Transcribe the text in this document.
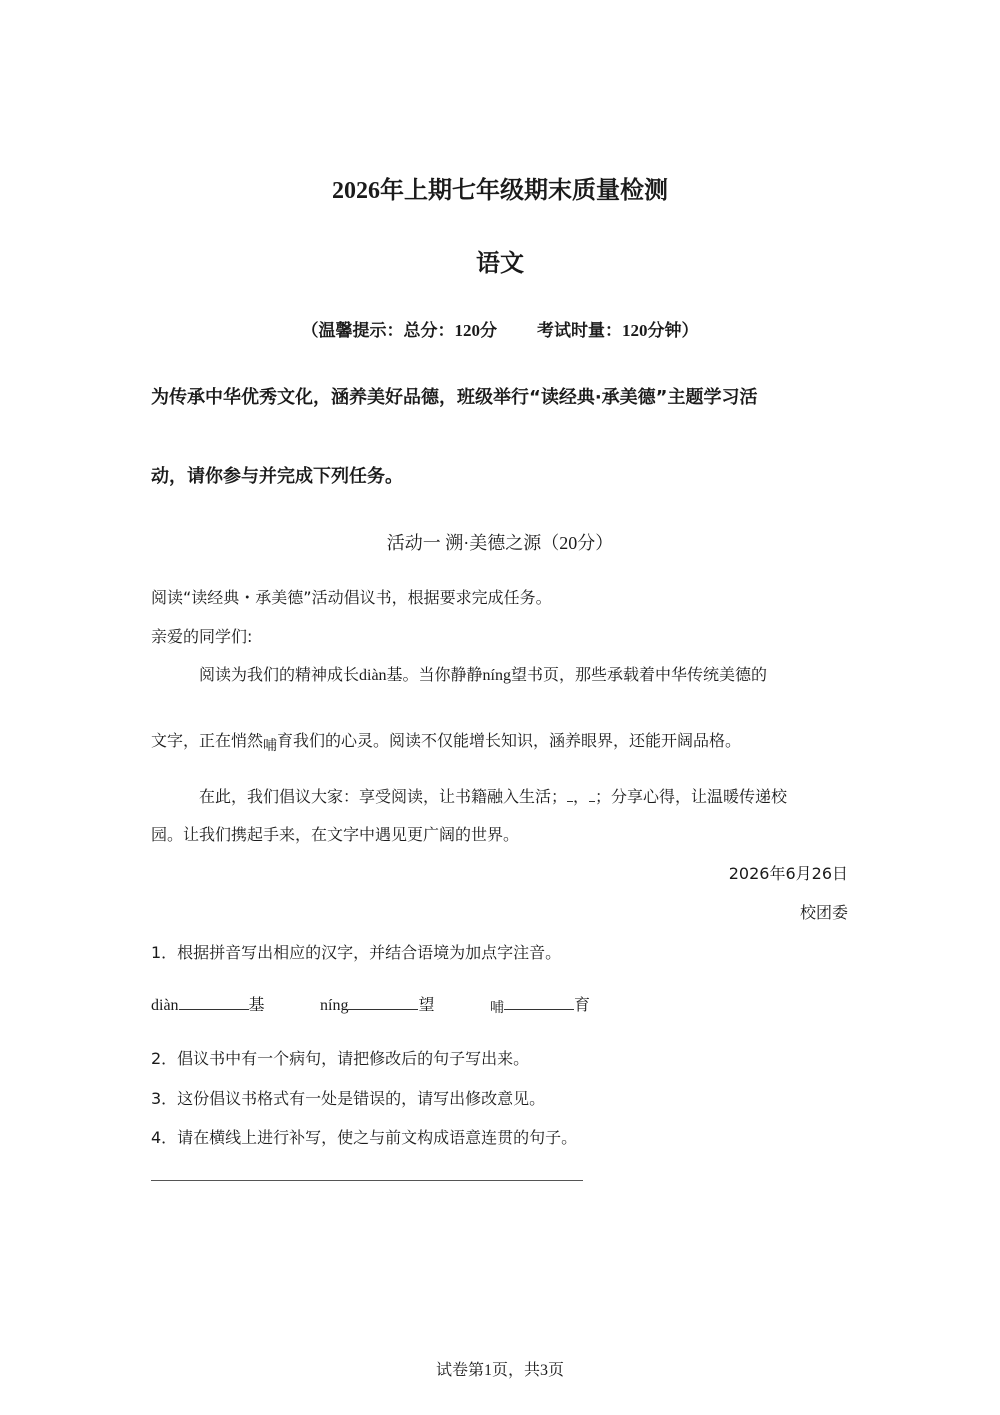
2026年上期七年级期末质量检测
语文
（温馨提示：总分：120分 考试时量：120分钟）
为传承中华优秀文化，涵养美好品德，班级举行“读经典·承美德”主题学习活
动，请你参与并完成下列任务。
活动一 溯·美德之源（20分）
阅读“读经典・承美德”活动倡议书，根据要求完成任务。
亲爱的同学们:
阅读为我们的精神成长diàn基。当你静静níng望书页，那些承载着中华传统美德的
文字，正在悄然哺育我们的心灵。阅读不仅能增长知识，涵养眼界，还能开阔品格。
在此，我们倡议大家：享受阅读，让书籍融入生活； ， ；分享心得，让温暖传递校
园。让我们携起手来，在文字中遇见更广阔的世界。
2026年6月26日
校团委
1．根据拼音写出相应的汉字，并结合语境为加点字注音。
diàn	基	níng	望	哺	育
2．倡议书中有一个病句，请把修改后的句子写出来。
3．这份倡议书格式有一处是错误的，请写出修改意见。
4．请在横线上进行补写，使之与前文构成语意连贯的句子。
试卷第1页，共3页
